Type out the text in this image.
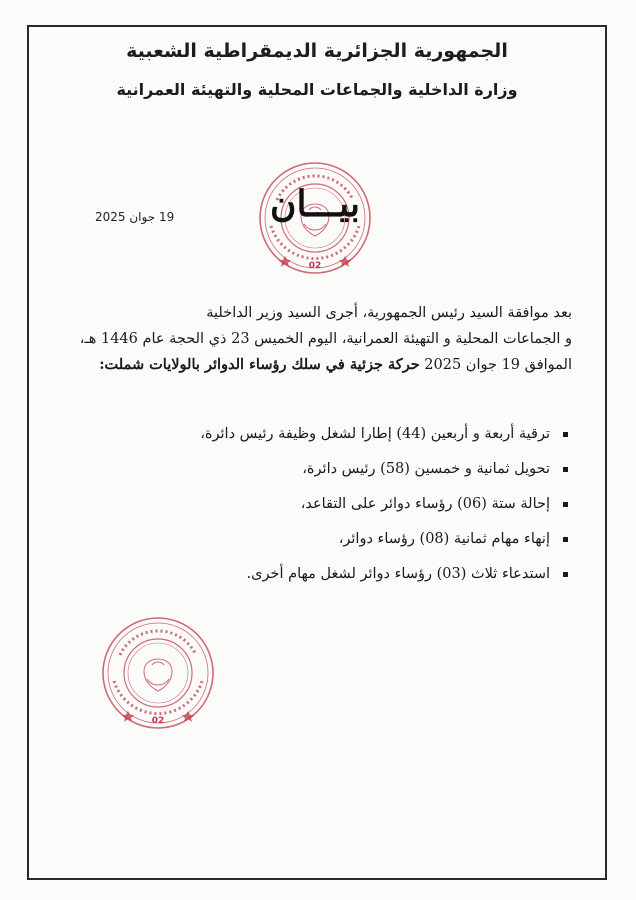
الجمهورية الجزائرية الديمقراطية الشعبية
وزارة الداخلية والجماعات المحلية والتهيئة العمرانية
19 جوان 2025
02
بيـــان
بعد موافقة السيد رئيس الجمهورية، أجرى السيد وزير الداخلية
و الجماعات المحلية و التهيئة العمرانية، اليوم الخميس 23 ذي الحجة عام 1446 هـ،
الموافق 19 جوان 2025 حركة جزئية في سلك رؤساء الدوائر بالولايات شملت:
ترقية أربعة و أربعين (44) إطارا لشغل وظيفة رئيس دائرة،
تحويل ثمانية و خمسين (58) رئيس دائرة،
إحالة ستة (06) رؤساء دوائر على التقاعد،
إنهاء مهام ثمانية (08) رؤساء دوائر،
استدعاء ثلاث (03) رؤساء دوائر لشغل مهام أخرى.
02
